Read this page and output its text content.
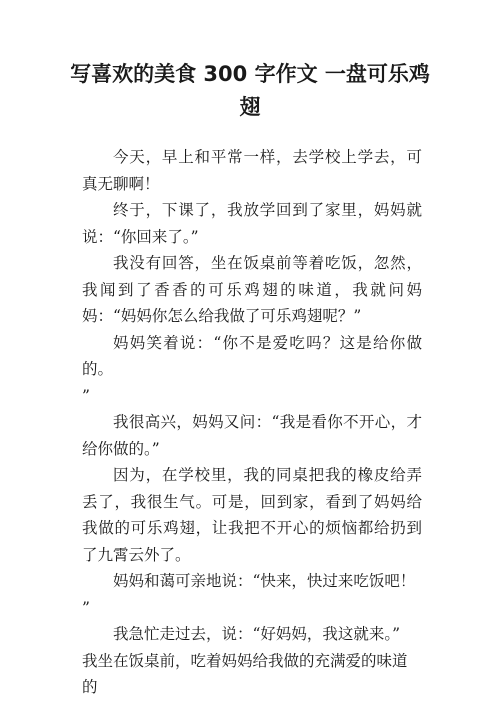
写喜欢的美食 300 字作文 一盘可乐鸡翅

今天，早上和平常一样，去学校上学去，可真无聊啊！

终于，下课了，我放学回到了家里，妈妈就说：“你回来了。”

我没有回答，坐在饭桌前等着吃饭，忽然，我闻到了香香的可乐鸡翅的味道，我就问妈妈：“妈妈你怎么给我做了可乐鸡翅呢？”

妈妈笑着说：“你不是爱吃吗？这是给你做的。

”

我很高兴，妈妈又问：“我是看你不开心，才给你做的。”

因为，在学校里，我的同桌把我的橡皮给弄丢了，我很生气。可是，回到家，看到了妈妈给我做的可乐鸡翅，让我把不开心的烦恼都给扔到了九霄云外了。

妈妈和蔼可亲地说：“快来，快过来吃饭吧！

”

我急忙走过去，说：“好妈妈，我这就来。”

我坐在饭桌前，吃着妈妈给我做的充满爱的味道的
